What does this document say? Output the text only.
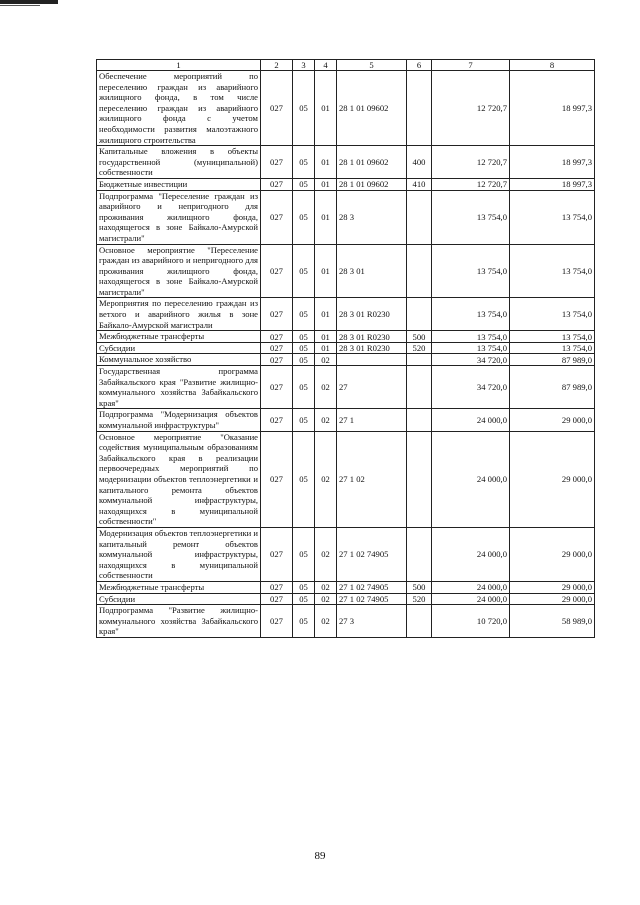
1	2	3	4	5	6	7	8
Обеспечение мероприятий по переселению граждан из аварийного жилищного фонда, в том числе переселению граждан из аварийного жилищного фонда с учетом необходимости развития малоэтажного жилищного строительства	027	05	01	28 1 01 09602		12 720,7	18 997,3
Капитальные вложения в объекты государственной (муниципальной) собственности	027	05	01	28 1 01 09602	400	12 720,7	18 997,3
Бюджетные инвестиции	027	05	01	28 1 01 09602	410	12 720,7	18 997,3
Подпрограмма "Переселение граждан из аварийного и непригодного для проживания жилищного фонда, находящегося в зоне Байкало-Амурской магистрали"	027	05	01	28 3		13 754,0	13 754,0
Основное мероприятие "Переселение граждан из аварийного и непригодного для проживания жилищного фонда, находящегося в зоне Байкало-Амурской магистрали"	027	05	01	28 3 01		13 754,0	13 754,0
Мероприятия по переселению граждан из ветхого и аварийного жилья в зоне Байкало-Амурской магистрали	027	05	01	28 3 01 R0230		13 754,0	13 754,0
Межбюджетные трансферты	027	05	01	28 3 01 R0230	500	13 754,0	13 754,0
Субсидии	027	05	01	28 3 01 R0230	520	13 754,0	13 754,0
Коммунальное хозяйство	027	05	02			34 720,0	87 989,0
Государственная программа Забайкальского края "Развитие жилищно-коммунального хозяйства Забайкальского края"	027	05	02	27		34 720,0	87 989,0
Подпрограмма "Модернизация объектов коммунальной инфраструктуры"	027	05	02	27 1		24 000,0	29 000,0
Основное мероприятие "Оказание содействия муниципальным образованиям Забайкальского края в реализации первоочередных мероприятий по модернизации объектов теплоэнергетики и капитального ремонта объектов коммунальной инфраструктуры, находящихся в муниципальной собственности"	027	05	02	27 1 02		24 000,0	29 000,0
Модернизация объектов теплоэнергетики и капитальный ремонт объектов коммунальной инфраструктуры, находящихся в муниципальной собственности	027	05	02	27 1 02 74905		24 000,0	29 000,0
Межбюджетные трансферты	027	05	02	27 1 02 74905	500	24 000,0	29 000,0
Субсидии	027	05	02	27 1 02 74905	520	24 000,0	29 000,0
Подпрограмма "Развитие жилищно-коммунального хозяйства Забайкальского края"	027	05	02	27 3		10 720,0	58 989,0
89
